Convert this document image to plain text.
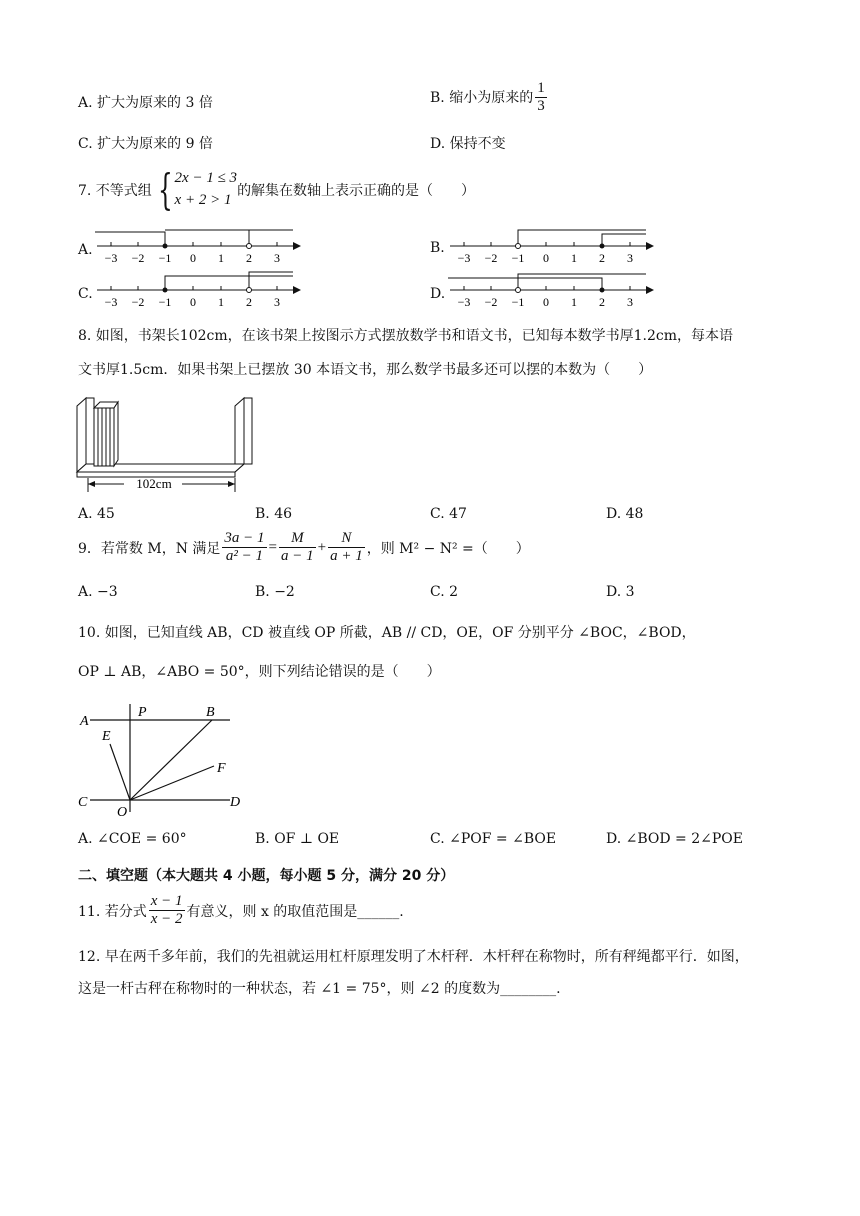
A. 扩大为原来的 3 倍	B. 缩小为原来的 $\frac{1}{3}$
C. 扩大为原来的 9 倍	D. 保持不变
7. 不等式组 { 2x − 1 ≤ 3
x + 2 > 1
的解集在数轴上表示正确的是（　　）
A.	B.
C.	D.
−3 −2 −1 0 1 2 3	−3 −2 −1 0 1 2 3
−3 −2 −1 0 1 2 3	−3 −2 −1 0 1 2 3
8. 如图，书架长102cm，在该书架上按图示方式摆放数学书和语文书，已知每本数学书厚1.2cm，每本语
文书厚1.5cm．如果书架上已摆放 30 本语文书，那么数学书最多还可以摆的本数为（　　）
102cm
A. 45	B. 46	C. 47	D. 48
9．若常数 M，N 满足 $\frac{3a - 1}{\text{a² − 1}} = \frac{M}{a - 1} + \frac{N}{a + 1}$ ，则 M² − N² =（　　）
A. −3	B. −2	C. 2	D. 3
10. 如图，已知直线 AB，CD 被直线 OP 所截，AB // CD，OE，OF 分别平分 ∠BOC，∠BOD，
OP ⊥ AB，∠ABO = 50°，则下列结论错误的是（　　）
A
P	B
E
F
C
O
D
A. ∠COE = 60°	B. OF ⊥ OE	C. ∠POF = ∠BOE	D. ∠BOD = 2∠POE
二、填空题（本大题共 4 小题，每小题 5 分，满分 20 分）
11. 若分式 $\frac{x - 1}{x - 2}$ 有意义，则 x 的取值范围是______.
12. 早在两千多年前，我们的先祖就运用杠杆原理发明了木杆秤．木杆秤在称物时，所有秤绳都平行．如图，
这是一杆古秤在称物时的一种状态，若 ∠1 = 75°，则 ∠2 的度数为________.
